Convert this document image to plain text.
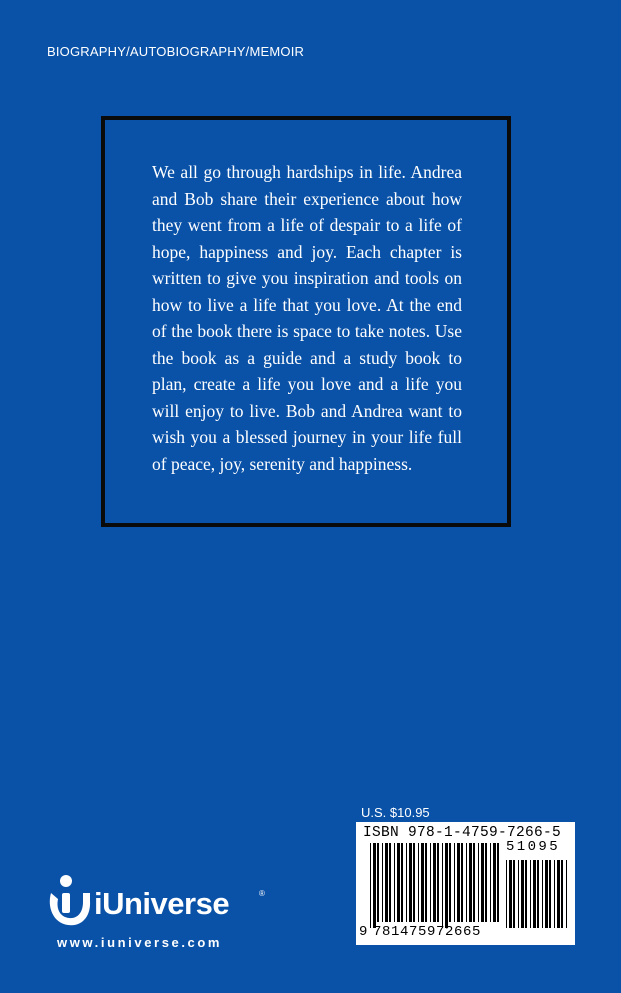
BIOGRAPHY/AUTOBIOGRAPHY/MEMOIR
We all go through hardships in life. Andrea and Bob share their experience about how they went from a life of despair to a life of hope, happiness and joy. Each chapter is written to give you inspiration and tools on how to live a life that you love. At the end of the book there is space to take notes. Use the book as a guide and a study book to plan, create a life you love and a life you will enjoy to live. Bob and Andrea want to wish you a blessed journey in your life full of peace, joy, serenity and happiness.
U.S. $10.95
ISBN 978-1-4759-7266-5
51095
9 781475972665
iUniverse	®
www.iuniverse.com
